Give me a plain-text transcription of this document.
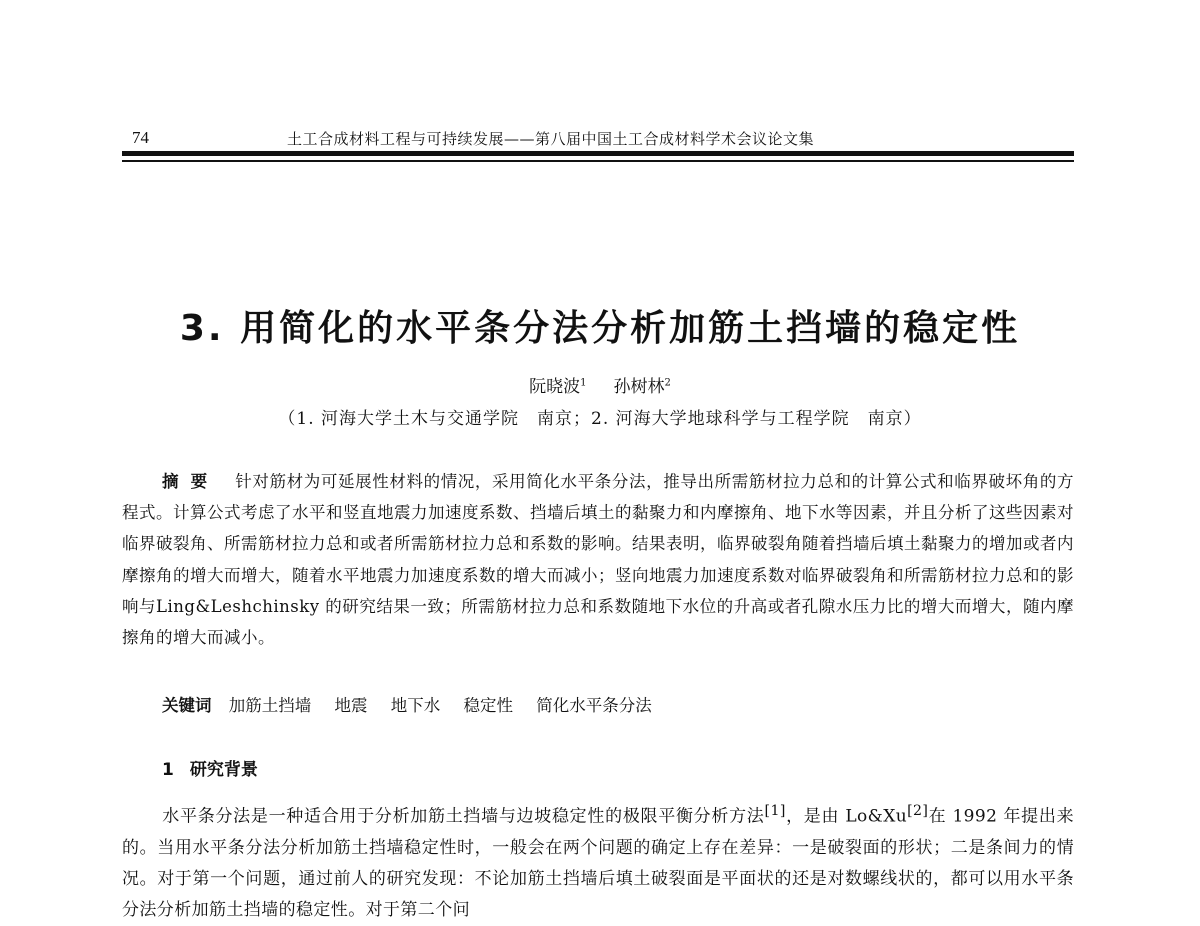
74	土工合成材料工程与可持续发展——第八届中国土工合成材料学术会议论文集
3. 用简化的水平条分法分析加筋土挡墙的稳定性
阮晓波$^1$ 孙树林$^2$
（1. 河海大学土木与交通学院　南京；2. 河海大学地球科学与工程学院　南京）
摘要 针对筋材为可延展性材料的情况，采用简化水平条分法，推导出所需筋材拉力总和的计算公式和临界破坏角的方程式。计算公式考虑了水平和竖直地震力加速度系数、挡墙后填土的黏聚力和内摩擦角、地下水等因素，并且分析了这些因素对临界破裂角、所需筋材拉力总和或者所需筋材拉力总和系数的影响。结果表明，临界破裂角随着挡墙后填土黏聚力的增加或者内摩擦角的增大而增大，随着水平地震力加速度系数的增大而减小；竖向地震力加速度系数对临界破裂角和所需筋材拉力总和的影响与Ling&Leshchinsky 的研究结果一致；所需筋材拉力总和系数随地下水位的升高或者孔隙水压力比的增大而增大，随内摩擦角的增大而减小。
关键词 加筋土挡墙 地震 地下水 稳定性 简化水平条分法
1 研究背景
水平条分法是一种适合用于分析加筋土挡墙与边坡稳定性的极限平衡分析方法[1]，是由 Lo&Xu[2]在 1992 年提出来的。当用水平条分法分析加筋土挡墙稳定性时，一般会在两个问题的确定上存在差异：一是破裂面的形状；二是条间力的情况。对于第一个问题，通过前人的研究发现：不论加筋土挡墙后填土破裂面是平面状的还是对数螺线状的，都可以用水平条分法分析加筋土挡墙的稳定性。对于第二个问
